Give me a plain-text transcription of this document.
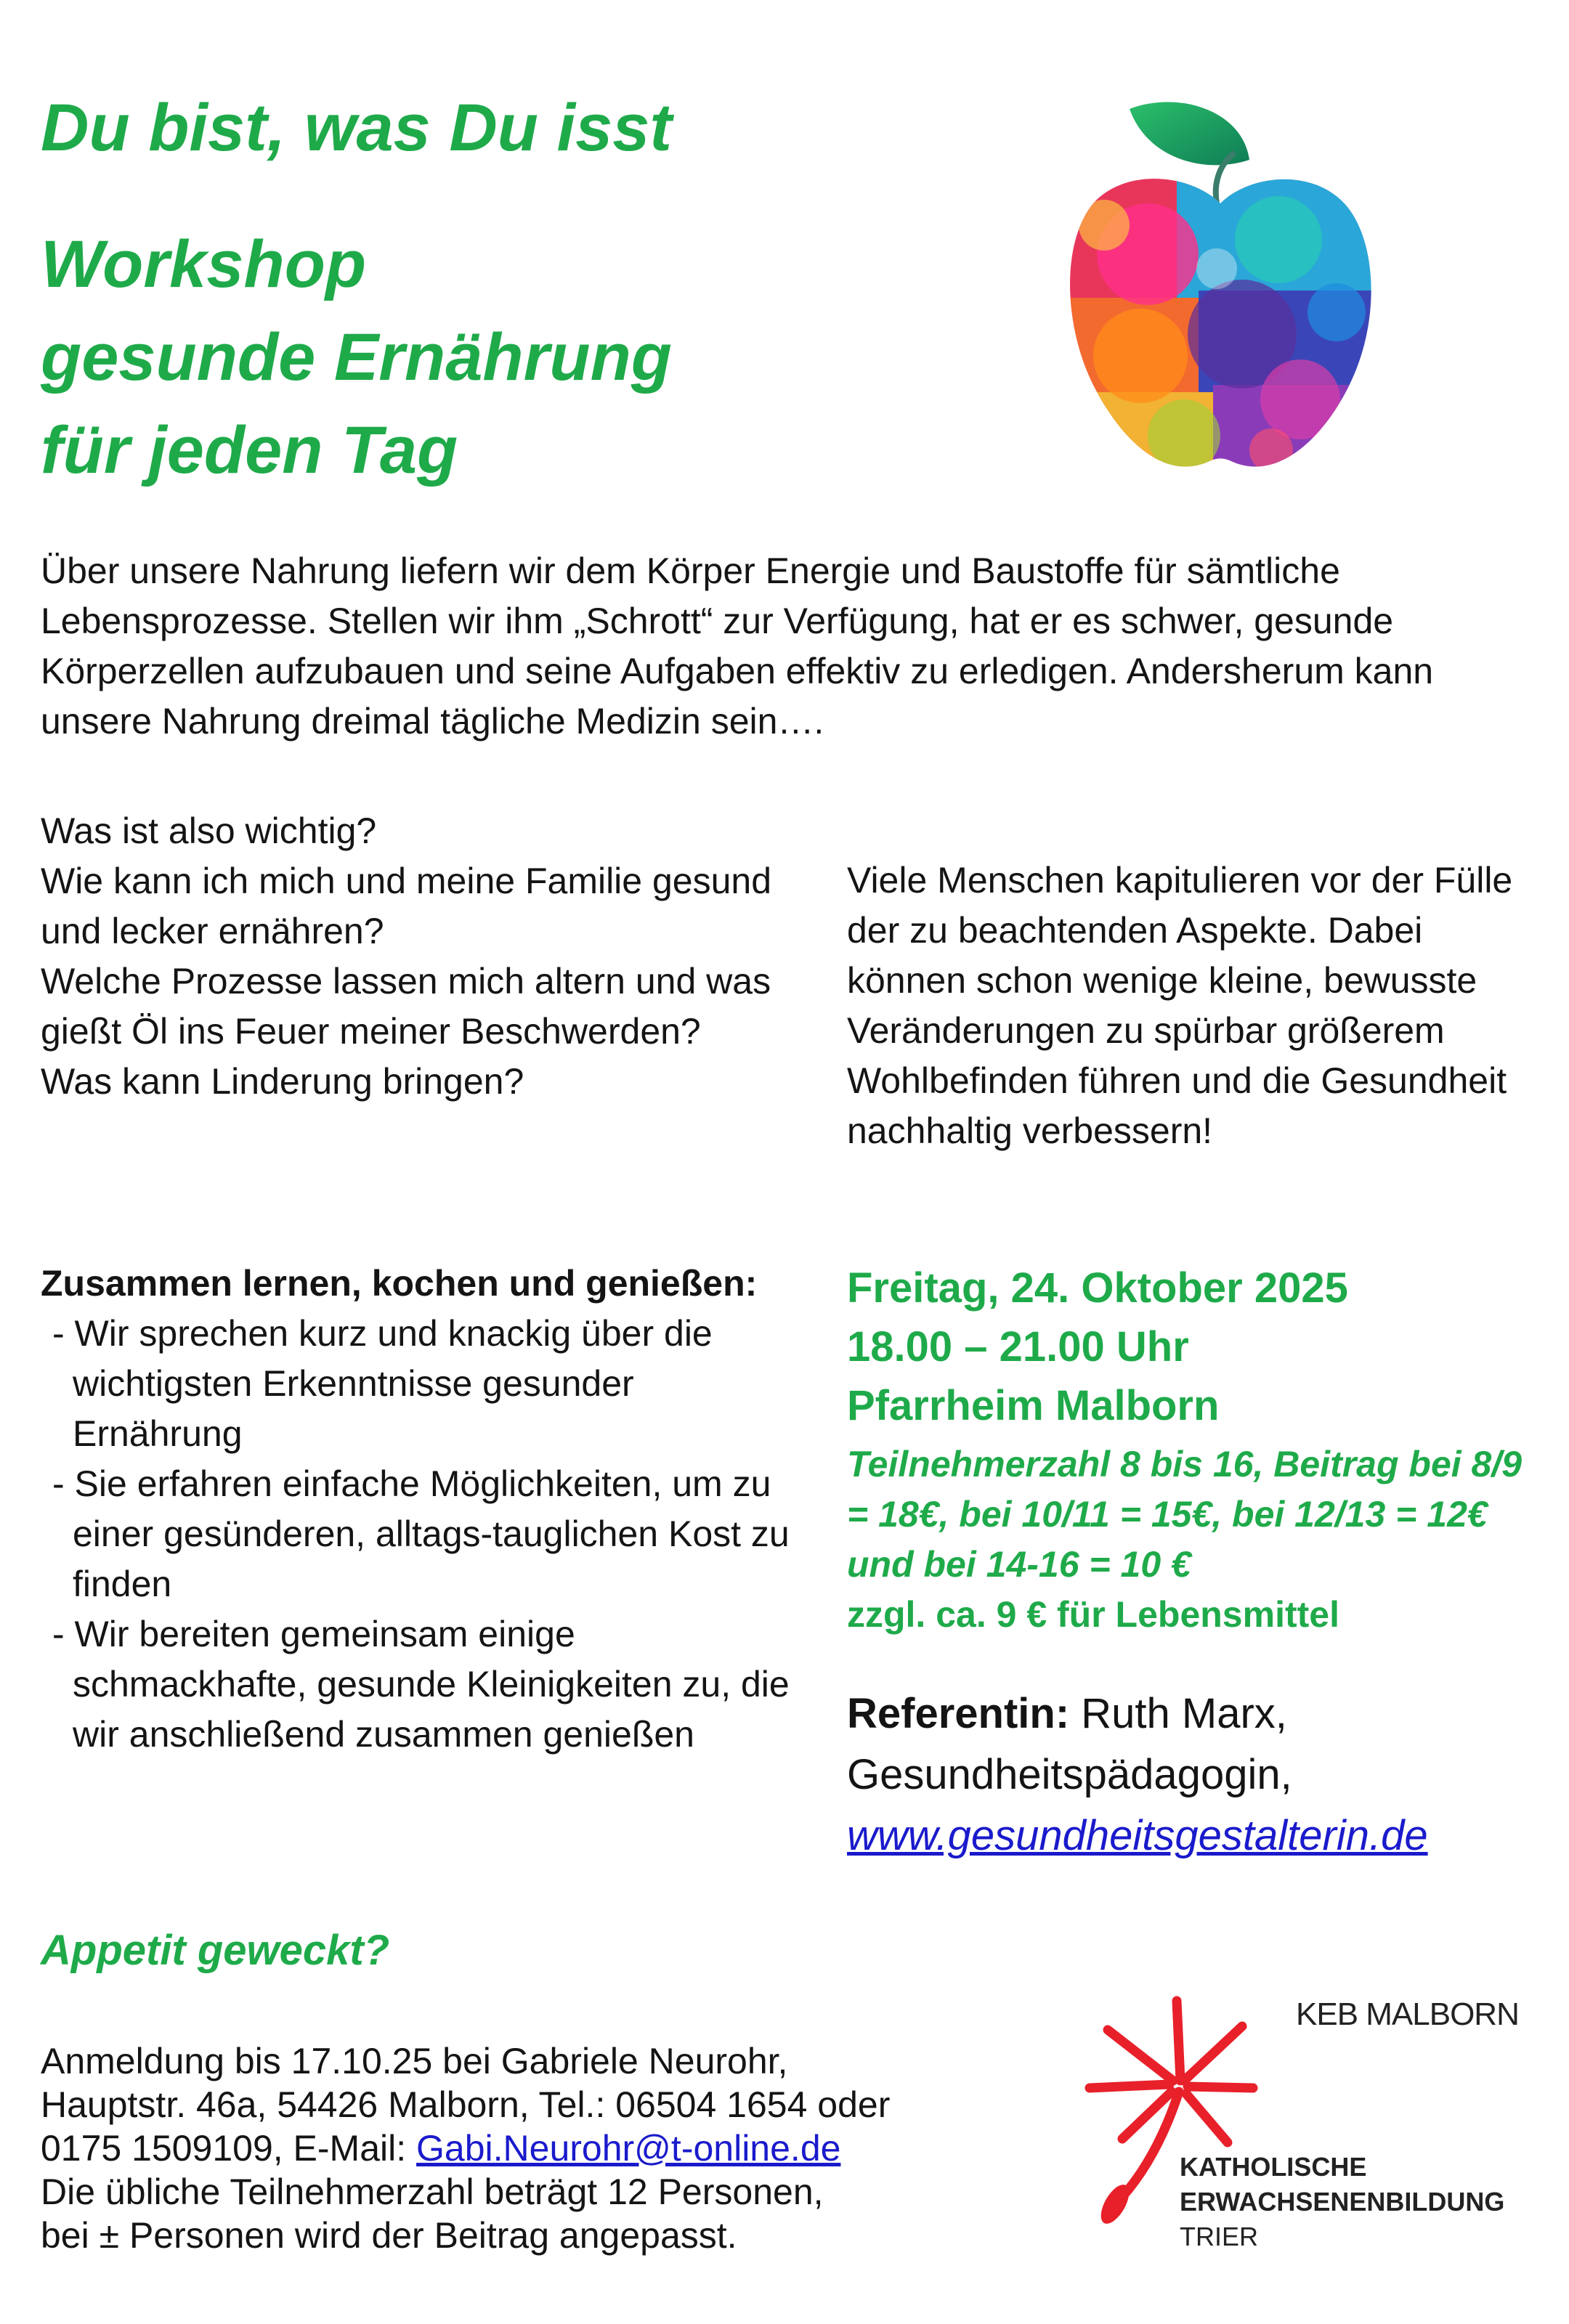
Du bist, was Du isst
Workshop
gesunde Ernährung
für jeden Tag

Über unsere Nahrung liefern wir dem Körper Energie und Baustoffe für sämtliche Lebensprozesse. Stellen wir ihm „Schrott“ zur Verfügung, hat er es schwer, gesunde Körperzellen aufzubauen und seine Aufgaben effektiv zu erledigen. Andersherum kann unsere Nahrung dreimal tägliche Medizin sein….

Was ist also wichtig?
Wie kann ich mich und meine Familie gesund und lecker ernähren?
Welche Prozesse lassen mich altern und was gießt Öl ins Feuer meiner Beschwerden?
Was kann Linderung bringen?

Viele Menschen kapitulieren vor der Fülle der zu beachtenden Aspekte. Dabei können schon wenige kleine, bewusste Veränderungen zu spürbar größerem Wohlbefinden führen und die Gesundheit nachhaltig verbessern!

Zusammen lernen, kochen und genießen:

- Wir sprechen kurz und knackig über die wichtigsten Erkenntnisse gesunder Ernährung
- Sie erfahren einfache Möglichkeiten, um zu einer gesünderen, alltags-tauglichen Kost zu finden
- Wir bereiten gemeinsam einige schmackhafte, gesunde Kleinigkeiten zu, die wir anschließend zusammen genießen

Freitag, 24. Oktober 2025

18.00 – 21.00 Uhr

Pfarrheim Malborn

Teilnehmerzahl 8 bis 16, Beitrag bei 8/9 = 18€, bei 10/11 = 15€, bei 12/13 = 12€ und bei 14-16 = 10 €
zzgl. ca. 9 € für Lebensmittel

Referentin: Ruth Marx,
Gesundheitspädagogin,
www.gesundheitsgestalterin.de

Appetit geweckt?

Anmeldung bis 17.10.25 bei Gabriele Neurohr,
Hauptstr. 46a, 54426 Malborn, Tel.: 06504 1654 oder
0175 1509109, E-Mail: Gabi.Neurohr@t-online.de
Die übliche Teilnehmerzahl beträgt 12 Personen,
bei ± Personen wird der Beitrag angepasst.

KEB MALBORN
KATHOLISCHE
ERWACHSENENBILDUNG
TRIER
